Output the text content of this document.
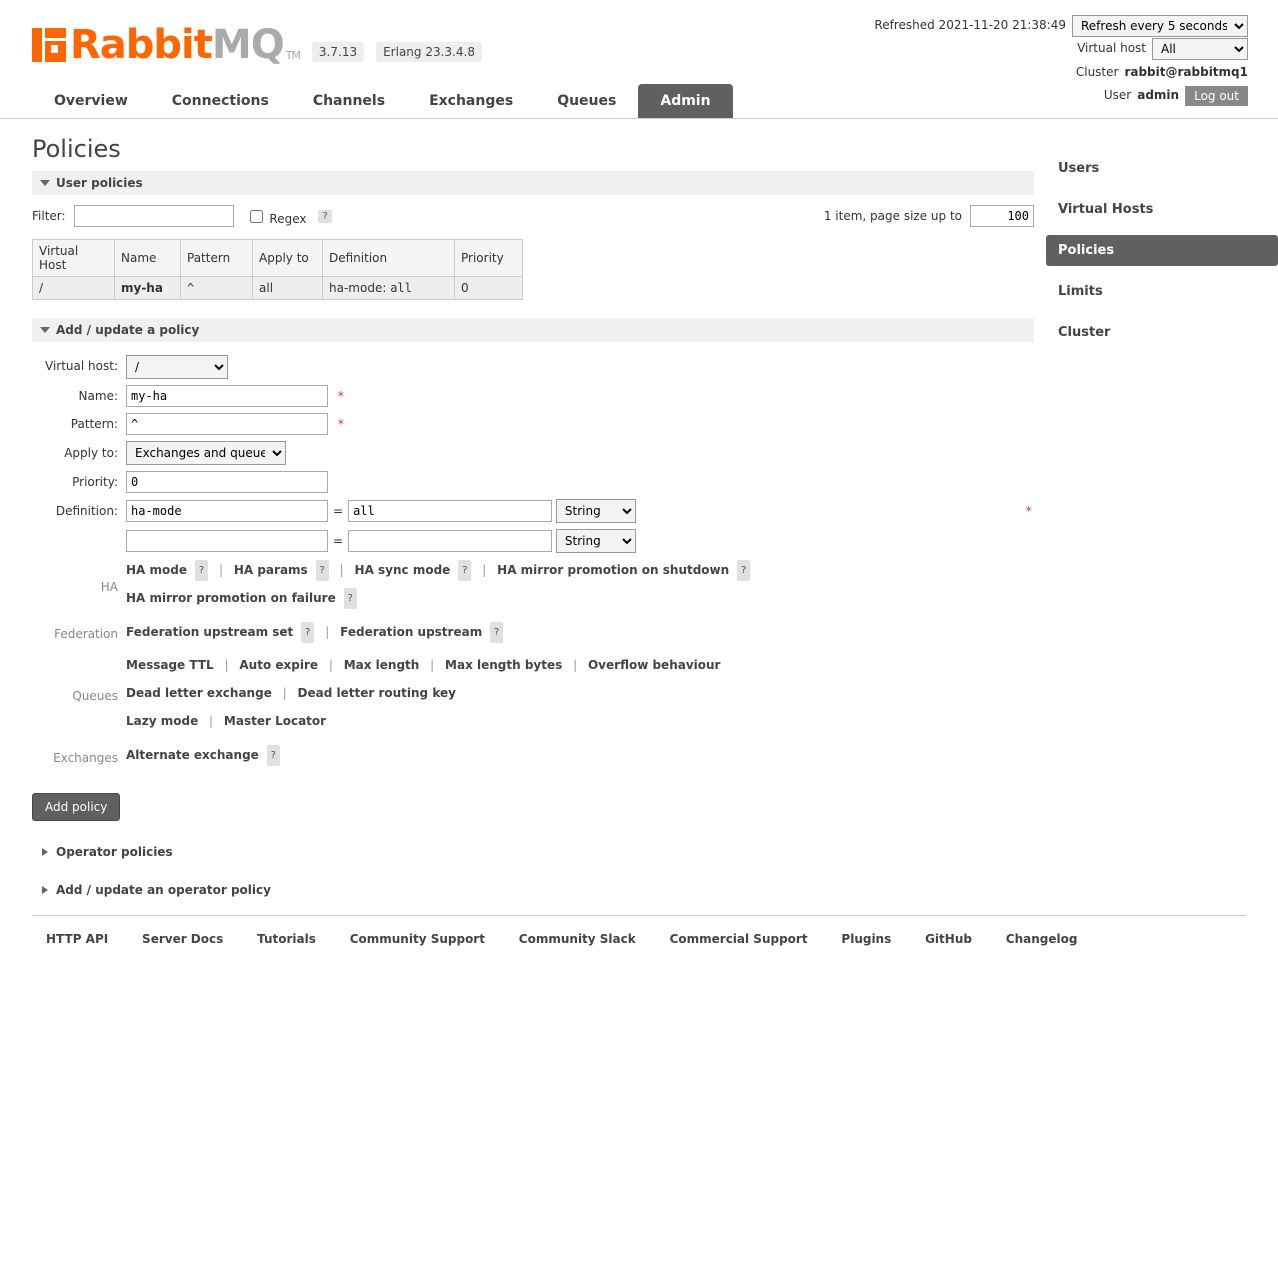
Rabbit MQ TM	3.7.13	Erlang 23.3.4.8
Refreshed 2021-11-20 21:38:49
Refresh every 5 seconds
Virtual host
All
Cluster rabbit@rabbitmq1
User admin	Log out
Overview	Connections	Channels	Exchanges	Queues	Admin
Policies
User policies
Filter:	Regex	?	1 item, page size up to
100
Virtual Host	Name	Pattern	Apply to	Definition	Priority
/	my-ha	^	all	ha-mode: all	0
Add / update a policy
Virtual host:	
/
Name:	my-ha*
Pattern:	^*
Apply to:	
Exchanges and queues
Priority:	0
Definition:	ha-mode=all
String *
	=
String
HA	HA mode ? | HA params ? | HA sync mode ? | HA mirror promotion on shutdown ?
HA mirror promotion on failure ?

Federation	Federation upstream set ? | Federation upstream ?

Queues	Message TTL | Auto expire | Max length | Max length bytes | Overflow behaviour
Dead letter exchange | Dead letter routing key
Lazy mode | Master Locator

Exchanges	Alternate exchange ?
Add policy
Operator policies
Add / update an operator policy
Users
Virtual Hosts
Policies
Limits
Cluster
HTTP API	Server Docs	Tutorials	Community Support	Community Slack	Commercial Support	Plugins	GitHub	Changelog
